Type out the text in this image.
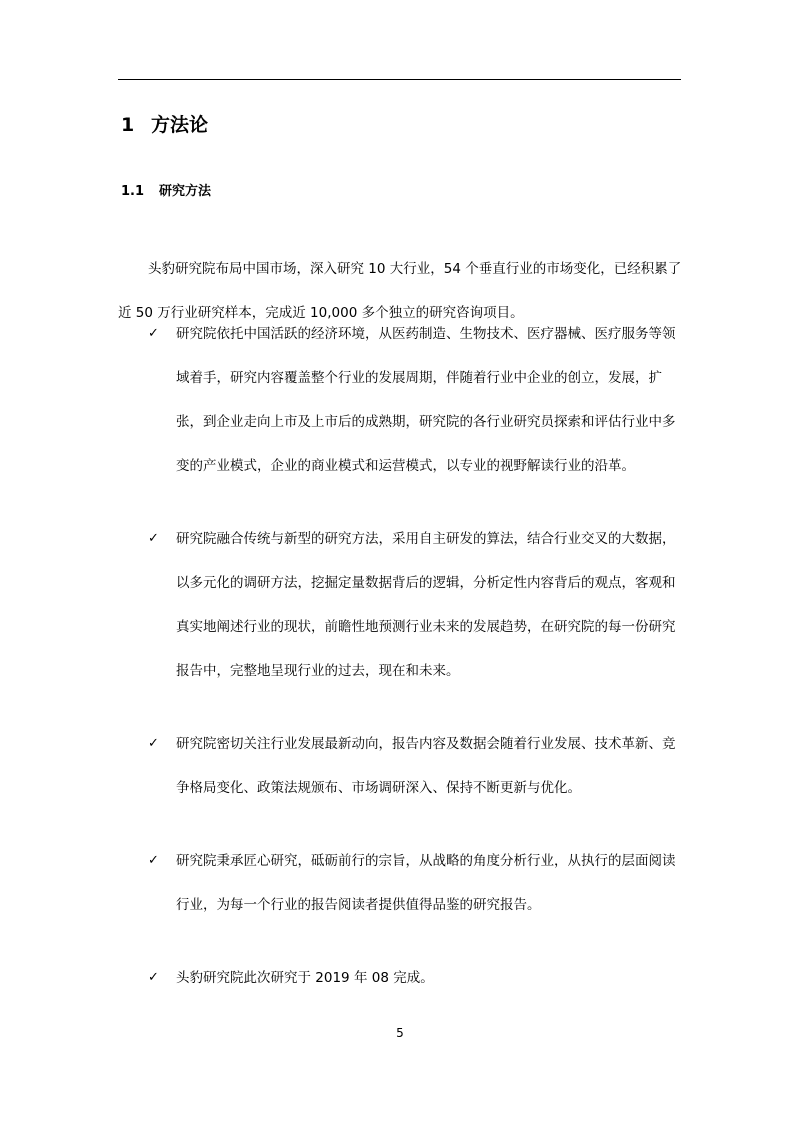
1 方法论
1.1 研究方法

头豹研究院布局中国市场，深入研究 10 大行业，54 个垂直行业的市场变化，已经积累了近 50 万行业研究样本，完成近 10,000 多个独立的研究咨询项目。

✓ 研究院依托中国活跃的经济环境，从医药制造、生物技术、医疗器械、医疗服务等领域着手，研究内容覆盖整个行业的发展周期，伴随着行业中企业的创立，发展，扩张，到企业走向上市及上市后的成熟期，研究院的各行业研究员探索和评估行业中多变的产业模式，企业的商业模式和运营模式，以专业的视野解读行业的沿革。
✓ 研究院融合传统与新型的研究方法，采用自主研发的算法，结合行业交叉的大数据，以多元化的调研方法，挖掘定量数据背后的逻辑，分析定性内容背后的观点，客观和真实地阐述行业的现状，前瞻性地预测行业未来的发展趋势，在研究院的每一份研究报告中，完整地呈现行业的过去，现在和未来。
✓ 研究院密切关注行业发展最新动向，报告内容及数据会随着行业发展、技术革新、竞争格局变化、政策法规颁布、市场调研深入、保持不断更新与优化。
✓ 研究院秉承匠心研究，砥砺前行的宗旨，从战略的角度分析行业，从执行的层面阅读行业，为每一个行业的报告阅读者提供值得品鉴的研究报告。
✓ 头豹研究院此次研究于 2019 年 08 完成。
5
